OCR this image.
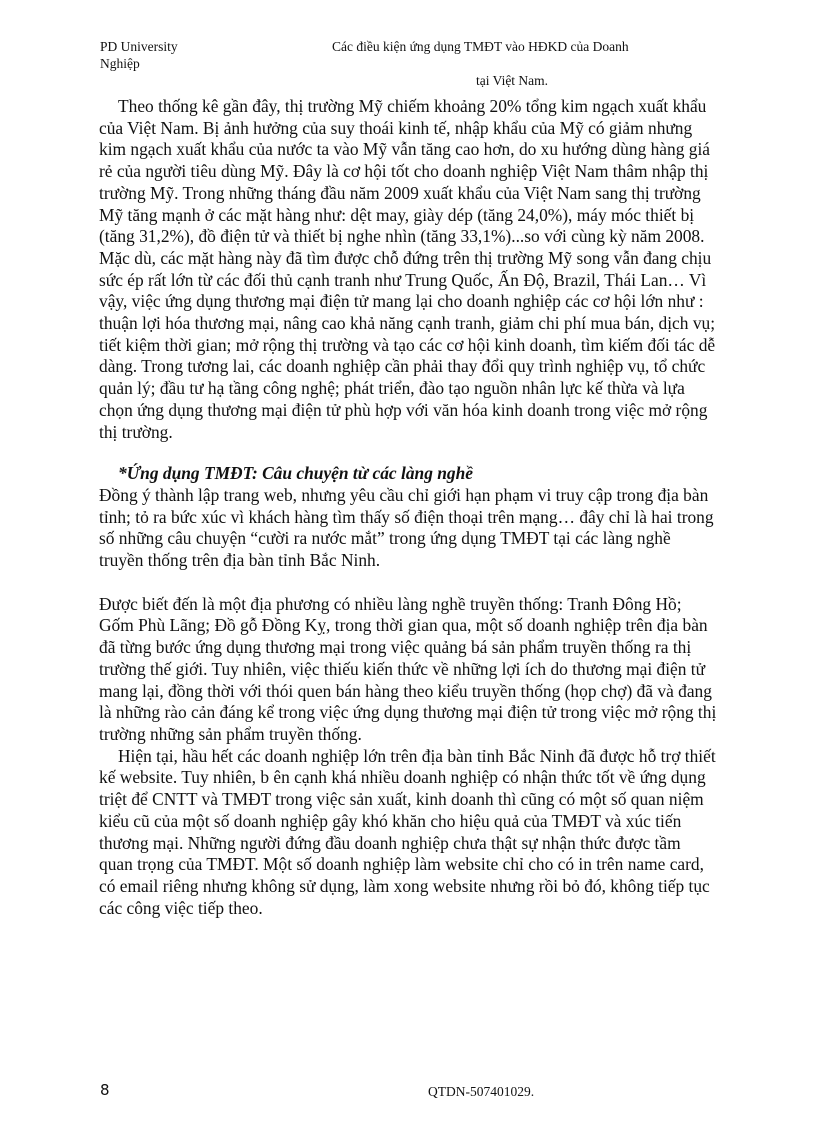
PD University Nghiệp
Các điều kiện ứng dụng TMĐT vào HĐKD của Doanh
tại Việt Nam.

Theo thống kê gần đây, thị trường Mỹ chiếm khoảng 20% tổng kim ngạch xuất khẩu của Việt Nam. Bị ảnh hưởng của suy thoái kinh tế, nhập khẩu của Mỹ có giảm nhưng kim ngạch xuất khẩu của nước ta vào Mỹ vẫn tăng cao hơn, do xu hướng dùng hàng giá rẻ của người tiêu dùng Mỹ. Đây là cơ hội tốt cho doanh nghiệp Việt Nam thâm nhập thị trường Mỹ. Trong những tháng đầu năm 2009 xuất khẩu của Việt Nam sang thị trường Mỹ tăng mạnh ở các mặt hàng như: dệt may, giày dép (tăng 24,0%), máy móc thiết bị (tăng 31,2%), đồ điện tử và thiết bị nghe nhìn (tăng 33,1%)...so với cùng kỳ năm 2008. Mặc dù, các mặt hàng này đã tìm được chỗ đứng trên thị trường Mỹ song vẫn đang chịu sức ép rất lớn từ các đối thủ cạnh tranh như Trung Quốc, Ấn Độ, Brazil, Thái Lan… Vì vậy, việc ứng dụng thương mại điện tử mang lại cho doanh nghiệp các cơ hội lớn như : thuận lợi hóa thương mại, nâng cao khả năng cạnh tranh, giảm chi phí mua bán, dịch vụ; tiết kiệm thời gian; mở rộng thị trường và tạo các cơ hội kinh doanh, tìm kiếm đối tác dễ dàng. Trong tương lai, các doanh nghiệp cần phải thay đổi quy trình nghiệp vụ, tổ chức quản lý; đầu tư hạ tầng công nghệ; phát triển, đào tạo nguồn nhân lực kế thừa và lựa chọn ứng dụng thương mại điện tử phù hợp với văn hóa kinh doanh trong việc mở rộng thị trường.

*Ứng dụng TMĐT: Câu chuyện từ các làng nghề

Đồng ý thành lập trang web, nhưng yêu cầu chỉ giới hạn phạm vi truy cập trong địa bàn tỉnh; tỏ ra bức xúc vì khách hàng tìm thấy số điện thoại trên mạng… đây chỉ là hai trong số những câu chuyện “cười ra nước mắt” trong ứng dụng TMĐT tại các làng nghề truyền thống trên địa bàn tỉnh Bắc Ninh.

Được biết đến là một địa phương có nhiều làng nghề truyền thống: Tranh Đông Hồ; Gốm Phù Lãng; Đồ gỗ Đồng Kỵ, trong thời gian qua, một số doanh nghiệp trên địa bàn đã từng bước ứng dụng thương mại trong việc quảng bá sản phẩm truyền thống ra thị trường thế giới. Tuy nhiên, việc thiếu kiến thức về những lợi ích do thương mại điện tử mang lại, đồng thời với thói quen bán hàng theo kiểu truyền thống (họp chợ) đã và đang là những rào cản đáng kể trong việc ứng dụng thương mại điện tử trong việc mở rộng thị trường những sản phẩm truyền thống.

Hiện tại, hầu hết các doanh nghiệp lớn trên địa bàn tỉnh Bắc Ninh đã được hỗ trợ thiết kế website. Tuy nhiên, b ên cạnh khá nhiều doanh nghiệp có nhận thức tốt về ứng dụng triệt để CNTT và TMĐT trong việc sản xuất, kinh doanh thì cũng có một số quan niệm kiểu cũ của một số doanh nghiệp gây khó khăn cho hiệu quả của TMĐT và xúc tiến thương mại. Những người đứng đầu doanh nghiệp chưa thật sự nhận thức được tầm quan trọng của TMĐT. Một số doanh nghiệp làm website chỉ cho có in trên name card, có email riêng nhưng không sử dụng, làm xong website nhưng rồi bỏ đó, không tiếp tục các công việc tiếp theo.

8	QTDN-507401029.
